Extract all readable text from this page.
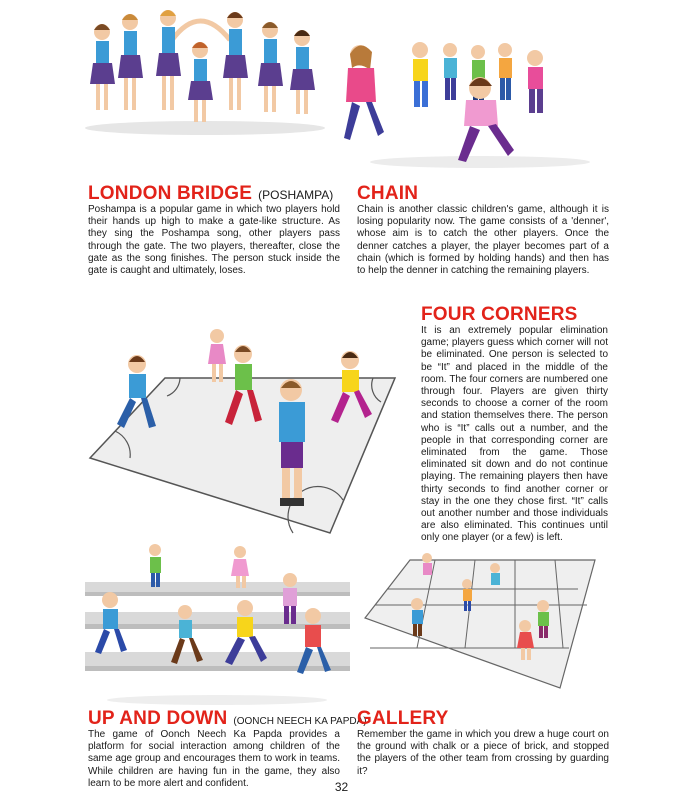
LONDON BRIDGE (POSHAMPA)

Poshampa is a popular game in which two players hold their hands up high to make a gate-like structure. As they sing the Poshampa song, other players pass through the gate. The two players, thereafter, close the gate as the song finishes. The person stuck inside the gate is caught and ultimately, loses.

CHAIN

Chain is another classic children's game, although it is losing popularity now. The game consists of a 'denner', whose aim is to catch the other players. Once the denner catches a player, the player becomes part of a chain (which is formed by holding hands) and then has to help the denner in catching the remaining players.

FOUR CORNERS

It is an extremely popular elimination game; players guess which corner will not be eliminated. One person is selected to be “It” and placed in the middle of the room. The four corners are numbered one through four. Players are given thirty seconds to choose a corner of the room and station themselves there. The person who is “It” calls out a number, and the people in that corresponding corner are eliminated from the game. Those eliminated sit down and do not continue playing. The remaining players then have thirty seconds to find another corner or stay in the one they chose first. “It” calls out another number and those individuals are also eliminated. This continues until only one player (or a few) is left.

UP AND DOWN (OONCH NEECH KA PAPDA)

The game of Oonch Neech Ka Papda provides a platform for social interaction among children of the same age group and encourages them to work in teams. While children are having fun in the game, they also learn to be more alert and confident.

GALLERY

Remember the game in which you drew a huge court on the ground with chalk or a piece of brick, and stopped the players of the other team from crossing by guarding it?

32
